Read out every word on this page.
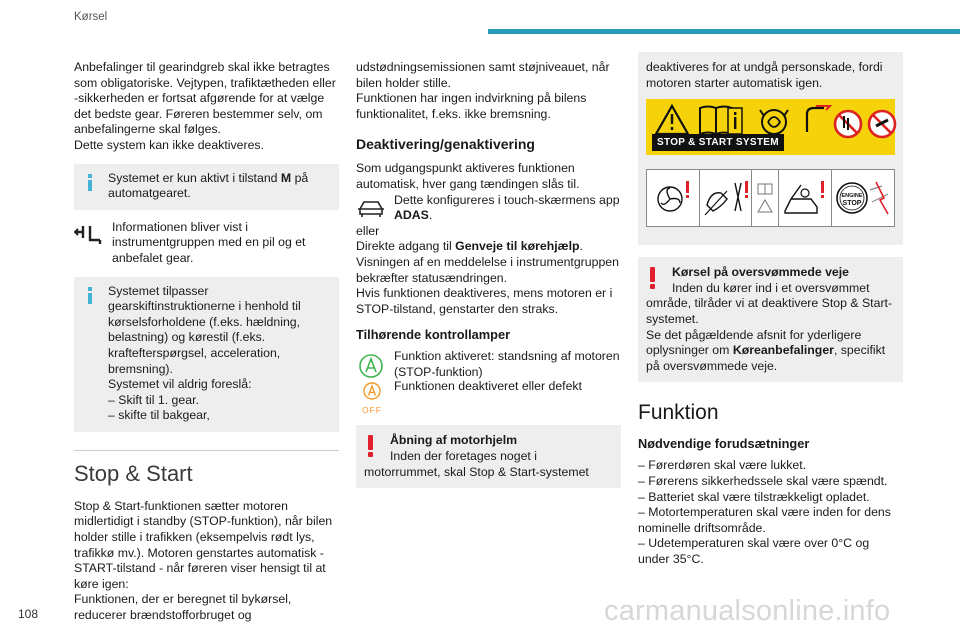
Kørsel

Anbefalinger til gearindgreb skal ikke betragtes som obligatoriske. Vejtypen, trafiktætheden eller -sikkerheden er fortsat afgørende for at vælge det bedste gear. Føreren bestemmer selv, om anbefalingerne skal følges.

Dette system kan ikke deaktiveres.

Systemet er kun aktivt i tilstand M på automatgearet.
Informationen bliver vist i instrumentgruppen med en pil og et anbefalet gear.

Systemet tilpasser gearskiftinstruktionerne i henhold til kørselsforholdene (f.eks. hældning, belastning) og kørestil (f.eks. kraftefterspørgsel, acceleration, bremsning).

Systemet vil aldrig foreslå:

– Skift til 1. gear.

– skifte til bakgear,

Stop & Start

Stop & Start-funktionen sætter motoren midlertidigt i standby (STOP-funktion), når bilen holder stille i trafikken (eksempelvis rødt lys, trafikkø mv.). Motoren genstartes automatisk -START-tilstand - når føreren viser hensigt til at køre igen:

Funktionen, der er beregnet til bykørsel, reducerer brændstofforbruget og

udstødningsemissionen samt støjniveauet, når bilen holder stille.

Funktionen har ingen indvirkning på bilens funktionalitet, f.eks. ikke bremsning.

Deaktivering/genaktivering

Som udgangspunkt aktiveres funktionen automatisk, hver gang tændingen slås til.

Dette konfigureres i touch-skærmens app ADAS.

eller

Direkte adgang til Genveje til kørehjælp.

Visningen af en meddelelse i instrumentgruppen bekræfter statusændringen.

Hvis funktionen deaktiveres, mens motoren er i STOP-tilstand, genstarter den straks.

Tilhørende kontrollamper
Funktion aktiveret: standsning af motoren (STOP-funktion)
OFF
Funktionen deaktiveret eller defekt
Åbning af motorhjelm
Inden der foretages noget i motorrummet, skal Stop & Start-systemet

deaktiveres for at undgå personskade, fordi motoren starter automatisk igen.

STOP & START SYSTEM
ENGINE
STOP
Kørsel på oversvømmede veje
Inden du kører ind i et oversvømmet område, tilråder vi at deaktivere Stop & Start-systemet.

Se det pågældende afsnit for yderligere oplysninger om Køreanbefalinger, specifikt på oversvømmede veje.

Funktion
Nødvendige forudsætninger

– Førerdøren skal være lukket.

– Førerens sikkerhedsselе skal være spændt.

– Batteriet skal være tilstrækkeligt opladet.

– Motortemperaturen skal være inden for dens nominelle driftsområde.

– Udetemperaturen skal være over 0°C og under 35°C.

108	carmanualsonline.info
